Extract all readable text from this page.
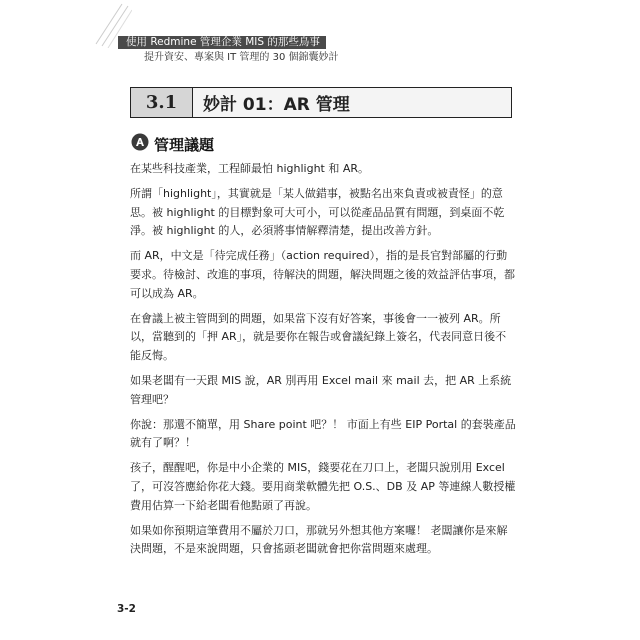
使用 Redmine 管理企業 MIS 的那些鳥事
提升資安、專案與 IT 管理的 30 個錦囊妙計
3.1	妙計 01：AR 管理
管理議題

在某些科技產業，工程師最怕 highlight 和 AR。

所謂「highlight」，其實就是「某人做錯事，被點名出來負責或被責怪」的意思。被 highlight 的目標對象可大可小，可以從產品品質有問題，到桌面不乾淨。被 highlight 的人，必須將事情解釋清楚，提出改善方針。

而 AR，中文是「待完成任務」（action required），指的是長官對部屬的行動要求。待檢討、改進的事項，待解決的問題，解決問題之後的效益評估事項，都可以成為 AR。

在會議上被主管問到的問題，如果當下沒有好答案，事後會一一被列 AR。所以，當聽到的「押 AR」，就是要你在報告或會議紀錄上簽名，代表同意日後不能反悔。

如果老闆有一天跟 MIS 說，AR 別再用 Excel mail 來 mail 去，把 AR 上系統管理吧？

你說：那還不簡單，用 Share point 吧？！ 市面上有些 EIP Portal 的套裝產品就有了啊？！

孩子，醒醒吧，你是中小企業的 MIS，錢要花在刀口上，老闆只說別用 Excel 了，可沒答應給你花大錢。要用商業軟體先把 O.S.、DB 及 AP 等連線人數授權費用估算一下給老闆看他點頭了再說。

如果如你預期這筆費用不屬於刀口，那就另外想其他方案囉！ 老闆讓你是來解決問題，不是來說問題，只會搖頭老闆就會把你當問題來處理。

3-2
